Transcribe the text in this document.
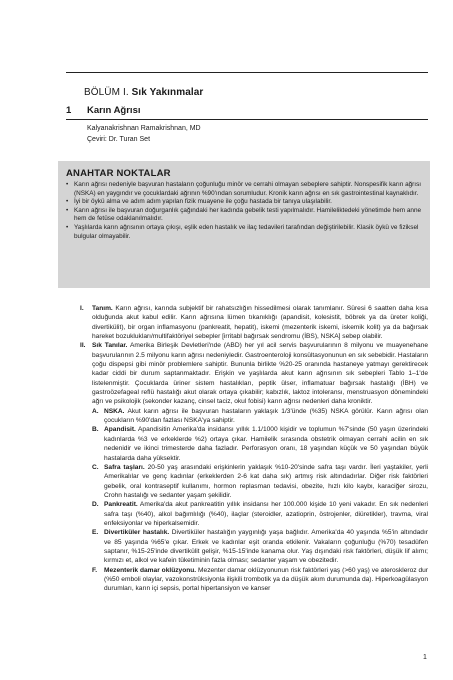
BÖLÜM I. Sık Yakınmalar
1 Karın Ağrısı
Kalyanakrishnan Ramakrishnan, MD
Çeviri: Dr. Turan Set
ANAHTAR NOKTALAR
• Karın ağrısı nedeniyle başvuran hastaların çoğunluğu minör ve cerrahi olmayan sebeplere sahiptir. Nonspesifik karın ağrısı (NSKA) en yaygındır ve çocuklardaki ağrının %90'ından sorumludur. Kronik karın ağrısı en sık gastrointestinal kaynaklıdır.
• İyi bir öykü alma ve adım adım yapılan fizik muayene ile çoğu hastada bir tanıya ulaşılabilir.
• Karın ağrısı ile başvuran doğurganlık çağındaki her kadında gebelik testi yapılmalıdır. Hamileliktedeki yönetimde hem anne hem de fetüse odaklanılmalıdır.
• Yaşlılarda karın ağrısının ortaya çıkışı, eşlik eden hastalık ve ilaç tedavileri tarafından değiştirilebilir. Klasik öykü ve fiziksel bulgular olmayabilir.
I. Tanım. Karın ağrısı, karında subjektif bir rahatsızlığın hissedilmesi olarak tanımlanır. Süresi 6 saatten daha kısa olduğunda akut kabul edilir. Karın ağrısına lümen tıkanıklığı (apandisit, kolesistit, böbrek ya da üreter koliği, divertikülit), bir organ inflamasyonu (pankreatit, hepatit), iskemi (mezenterik iskemi, iskemik kolit) ya da bağırsak hareket bozuklukları/multifaktöriyel sebepler [irritabl bağırsak sendromu (İBS), NSKA] sebep olabilir.
II. Sık Tanılar. Amerika Birleşik Devletleri'nde (ABD) her yıl acil servis başvurularının 8 milyonu ve muayenehane başvurularının 2.5 milyonu karın ağrısı nedeniyledir. Gastroenteroloji konsültasyonunun en sık sebebidir. Hastaların çoğu dispepsi gibi minör problemlere sahiptir. Bununla birlikte %20-25 oranında hastaneye yatmayı gerektirecek kadar ciddi bir durum saptanmaktadır. Erişkin ve yaşlılarda akut karın ağrısının sık sebepleri Tablo 1–1'de listelenmiştir. Çocuklarda üriner sistem hastalıkları, peptik ülser, inflamatuar bağırsak hastalığı (İBH) ve gastroözefageal reflü hastalığı akut olarak ortaya çıkabilir; kabızlık, laktoz intoleransı, menstruasyon dönemindeki ağrı ve psikolojik (sekonder kazanç, cinsel taciz, okul fobisi) karın ağrısı nedenleri daha kroniktir.
A. NSKA. Akut karın ağrısı ile başvuran hastaların yaklaşık 1/3'ünde (%35) NSKA görülür. Karın ağrısı olan çocukların %90'dan fazlası NSKA'ya sahiptir.
B. Apandisit. Apandisitin Amerika'da insidansı yıllık 1.1/1000 kişidir ve toplumun %7'sinde (50 yaşın üzerindeki kadınlarda %3 ve erkeklerde %2) ortaya çıkar. Hamilelik sırasında obstetrik olmayan cerrahi acilin en sık nedenidir ve ikinci trimesterde daha fazladır. Perforasyon oranı, 18 yaşından küçük ve 50 yaşından büyük hastalarda daha yüksektir.
C. Safra taşları. 20-50 yaş arasındaki erişkinlerin yaklaşık %10-20'sinde safra taşı vardır. İleri yaştakiler, yerli Amerikalılar ve genç kadınlar (erkeklerden 2-6 kat daha sık) artmış risk altındadırlar. Diğer risk faktörleri gebelik, oral kontraseptif kullanımı, hormon replasman tedavisi, obezite, hızlı kilo kaybı, karaciğer sirozu, Crohn hastalığı ve sedanter yaşam şekilidir.
D. Pankreatit. Amerika'da akut pankreatitin yıllık insidansı her 100.000 kişide 10 yeni vakadır. En sık nedenleri safra taşı (%40), alkol bağımlılığı (%40), ilaçlar (steroidler, azatioprin, östrojenler, diüretikler), travma, viral enfeksiyonlar ve hiperkalsemidir.
E. Divertiküler hastalık. Divertiküler hastalığın yaygınlığı yaşa bağlıdır. Amerika'da 40 yaşında %5'in altındadır ve 85 yaşında %65'e çıkar. Erkek ve kadınlar eşit oranda etkilenir. Vakaların çoğunluğu (%70) tesadüfen saptanır, %15-25'inde divertikülit gelişir, %15-15'inde kanama olur. Yaş dışındaki risk faktörleri, düşük lif alımı; kırmızı et, alkol ve kafein tüketiminin fazla olması; sedanter yaşam ve obezitedir.
F. Mezenterik damar oklüzyonu. Mezenter damar oklüzyonunun risk faktörleri yaş (>60 yaş) ve ateroskleroz dur (%50 emboli olaylar, vazokonstrüksiyonla ilişkili trombotik ya da düşük akım durumunda da). Hiperkoagülasyon durumları, karın içi sepsis, portal hipertansiyon ve kanser
1
